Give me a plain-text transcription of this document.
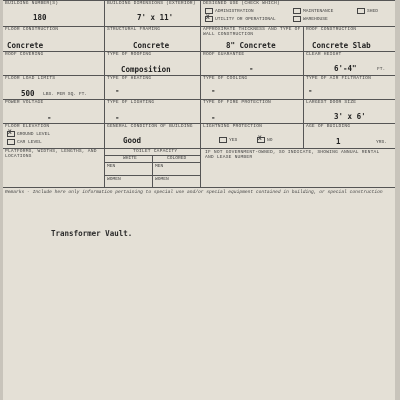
BUILDING NUMBER(S)
180
BUILDING DIMENSIONS (EXTERIOR)
7' x 11'
DESIGNED USE (CHECK WHICH)
ADMINISTRATION	MAINTENANCE	SHED
XUTILITY OR OPERATIONAL	WAREHOUSE
FLOOR CONSTRUCTION
Concrete
STRUCTURAL FRAMING
Concrete
APPROXIMATE THICKNESS AND TYPE OF WALL CONSTRUCTION
8" Concrete
ROOF CONSTRUCTION
Concrete Slab
ROOF COVERING	TYPE OF ROOFING
Composition
ROOF GUARANTEE
-
CLEAR HEIGHT
6'-4"	FT.
FLOOR LOAD LIMITS
500 LBS. PER SQ. FT.
TYPE OF HEATING
-
TYPE OF COOLING
-
TYPE OF AIR FILTRATION
-
POWER VOLTAGE
-
TYPE OF LIGHTING
-
TYPE OF FIRE PROTECTION
-
LARGEST DOOR SIZE
3' x 6'
FLOOR ELEVATION
XGROUND LEVEL
CAR LEVEL
GENERAL CONDITION OF BUILDING
Good
LIGHTNING PROTECTION
YES
X	NO
AGE OF BUILDING
1	YRS.
PLATFORMS, WIDTHS, LENGTHS, AND LOCATIONS
TOILET CAPACITY
WHITE	COLORED
MEN	MEN
WOMEN	WOMEN
IF NOT GOVERNMENT-OWNED, SO INDICATE, SHOWING ANNUAL RENTAL AND LEASE NUMBER
Remarks - Include here only information pertaining to special use and/or special equipment contained in building, or special construction
Transformer Vault.
